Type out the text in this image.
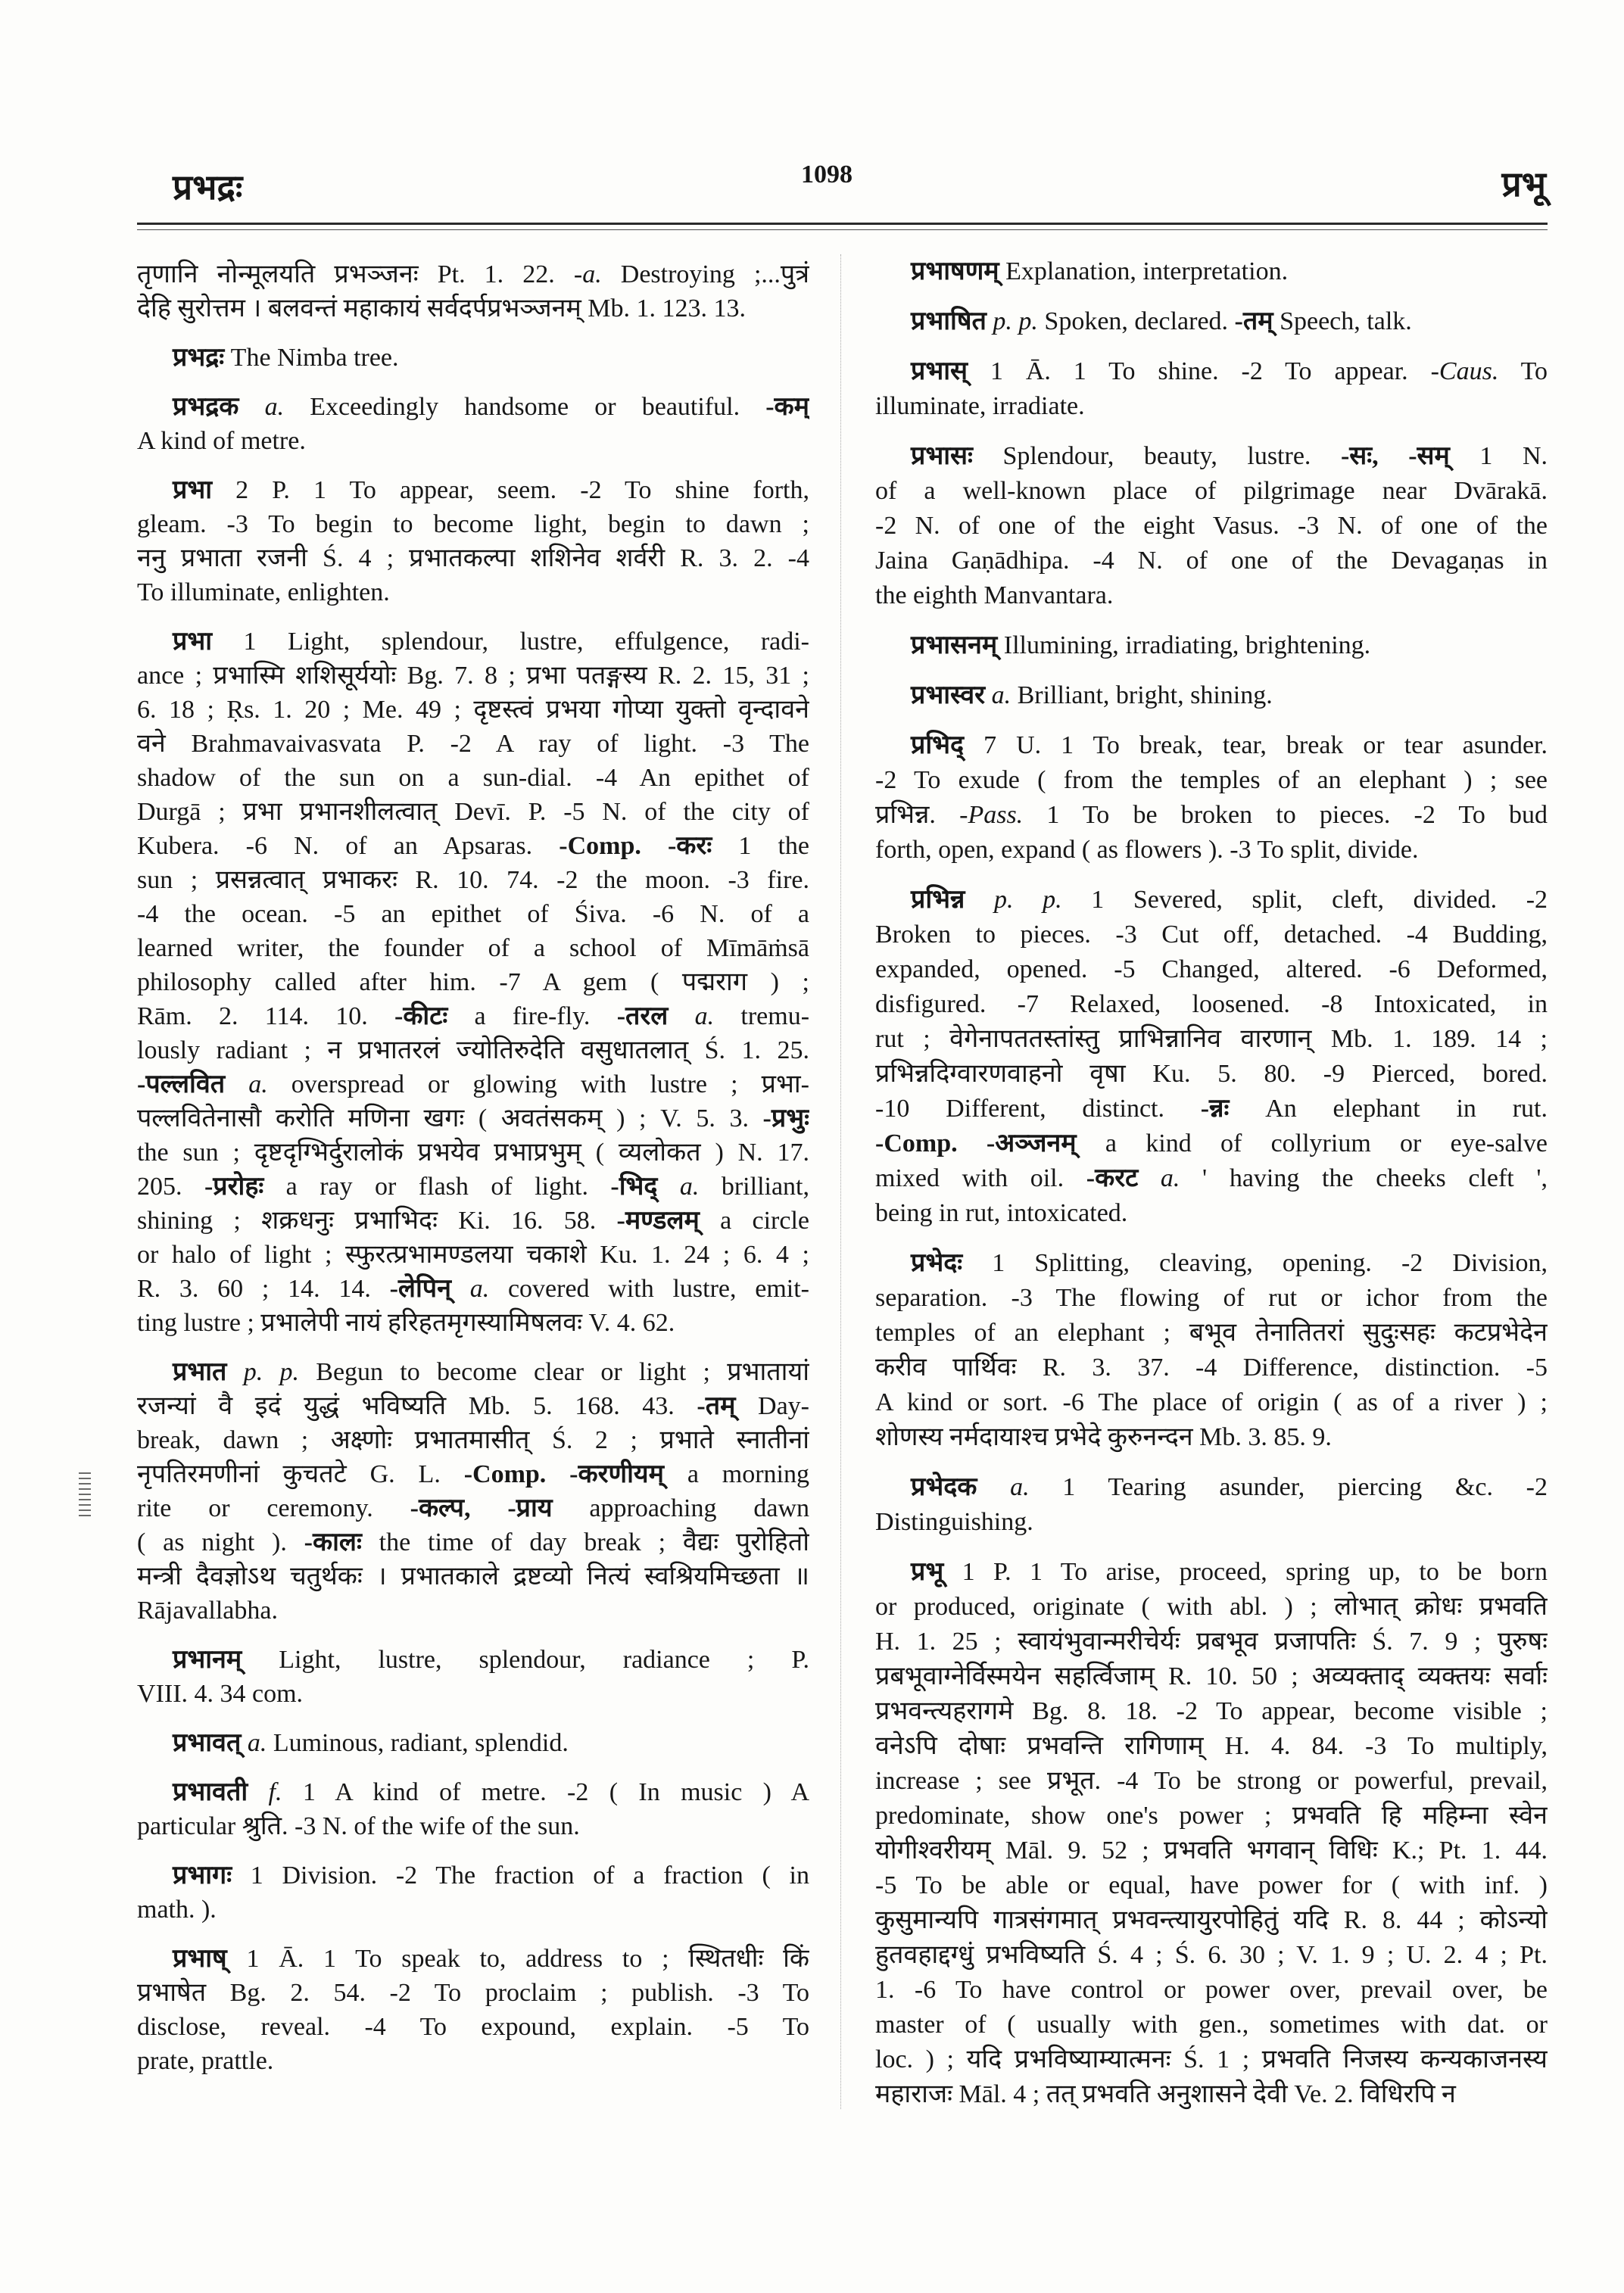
प्रभद्रः	1098	प्रभू
तृणानि नोन्मूलयति प्रभञ्जनः Pt. 1. 22. -a. Destroying ;...पुत्रं
देहि सुरोत्तम । बलवन्तं महाकायं सर्वदर्पप्रभञ्जनम् Mb. 1. 123. 13.
प्रभद्रः The Nimba tree.
प्रभद्रक a. Exceedingly handsome or beautiful. -कम्
A kind of metre.
प्रभा 2 P. 1 To appear, seem. -2 To shine forth,
gleam. -3 To begin to become light, begin to dawn ;
ननु प्रभाता रजनी Ś. 4 ; प्रभातकल्पा शशिनेव शर्वरी R. 3. 2. -4
To illuminate, enlighten.
प्रभा 1 Light, splendour, lustre, effulgence, radi-
ance ; प्रभास्मि शशिसूर्ययोः Bg. 7. 8 ; प्रभा पतङ्गस्य R. 2. 15, 31 ;
6. 18 ; Ṛs. 1. 20 ; Me. 49 ; दृष्टस्त्वं प्रभया गोप्या युक्तो वृन्दावने
वने Brahmavaivasvata P. -2 A ray of light. -3 The
shadow of the sun on a sun-dial. -4 An epithet of
Durgā ; प्रभा प्रभानशीलत्वात् Devī. P. -5 N. of the city of
Kubera. -6 N. of an Apsaras. -Comp. -करः 1 the
sun ; प्रसन्नत्वात् प्रभाकरः R. 10. 74. -2 the moon. -3 fire.
-4 the ocean. -5 an epithet of Śiva. -6 N. of a
learned writer, the founder of a school of Mīmāṁsā
philosophy called after him. -7 A gem ( पद्मराग ) ;
Rām. 2. 114. 10. -कीटः a fire-fly. -तरल a. tremu-
lously radiant ; न प्रभातरलं ज्योतिरुदेति वसुधातलात् Ś. 1. 25.
-पल्लवित a. overspread or glowing with lustre ; प्रभा-
पल्लवितेनासौ करोति मणिना खगः ( अवतंसकम् ) ; V. 5. 3. -प्रभुः
the sun ; दृष्टदृग्भिर्दुरालोकं प्रभयेव प्रभाप्रभुम् ( व्यलोकत ) N. 17.
205. -प्ररोहः a ray or flash of light. -भिद् a. brilliant,
shining ; शक्रधनुः प्रभाभिदः Ki. 16. 58. -मण्डलम् a circle
or halo of light ; स्फुरत्प्रभामण्डलया चकाशे Ku. 1. 24 ; 6. 4 ;
R. 3. 60 ; 14. 14. -लेपिन् a. covered with lustre, emit-
ting lustre ; प्रभालेपी नायं हरिहतमृगस्यामिषलवः V. 4. 62.
प्रभात p. p. Begun to become clear or light ; प्रभातायां
रजन्यां वै इदं युद्धं भविष्यति Mb. 5. 168. 43. -तम् Day-
break, dawn ; अक्ष्णोः प्रभातमासीत् Ś. 2 ; प्रभाते स्नातीनां
नृपतिरमणीनां कुचतटे G. L. -Comp. -करणीयम् a morning
rite or ceremony. -कल्प, -प्राय approaching dawn
( as night ). -कालः the time of day break ; वैद्यः पुरोहितो
मन्त्री दैवज्ञोऽथ चतुर्थकः । प्रभातकाले द्रष्टव्यो नित्यं स्वश्रियमिच्छता ॥
Rājavallabha.
प्रभानम् Light, lustre, splendour, radiance ; P.
VIII. 4. 34 com.
प्रभावत् a. Luminous, radiant, splendid.
प्रभावती f. 1 A kind of metre. -2 ( In music ) A
particular श्रुति. -3 N. of the wife of the sun.
प्रभागः 1 Division. -2 The fraction of a fraction ( in
math. ).
प्रभाष् 1 Ā. 1 To speak to, address to ; स्थितधीः किं
प्रभाषेत Bg. 2. 54. -2 To proclaim ; publish. -3 To
disclose, reveal. -4 To expound, explain. -5 To
prate, prattle.
प्रभाषणम् Explanation, interpretation.
प्रभाषित p. p. Spoken, declared. -तम् Speech, talk.
प्रभास् 1 Ā. 1 To shine. -2 To appear. -Caus. To
illuminate, irradiate.
प्रभासः Splendour, beauty, lustre. -सः, -सम् 1 N.
of a well-known place of pilgrimage near Dvārakā.
-2 N. of one of the eight Vasus. -3 N. of one of the
Jaina Gaṇādhipa. -4 N. of one of the Devagaṇas in
the eighth Manvantara.
प्रभासनम् Illumining, irradiating, brightening.
प्रभास्वर a. Brilliant, bright, shining.
प्रभिद् 7 U. 1 To break, tear, break or tear asunder.
-2 To exude ( from the temples of an elephant ) ; see
प्रभिन्न. -Pass. 1 To be broken to pieces. -2 To bud
forth, open, expand ( as flowers ). -3 To split, divide.
प्रभिन्न p. p. 1 Severed, split, cleft, divided. -2
Broken to pieces. -3 Cut off, detached. -4 Budding,
expanded, opened. -5 Changed, altered. -6 Deformed,
disfigured. -7 Relaxed, loosened. -8 Intoxicated, in
rut ; वेगेनापततस्तांस्तु प्राभिन्नानिव वारणान् Mb. 1. 189. 14 ;
प्रभिन्नदिग्वारणवाहनो वृषा Ku. 5. 80. -9 Pierced, bored.
-10 Different, distinct. -न्नः An elephant in rut.
-Comp. -अञ्जनम् a kind of collyrium or eye-salve
mixed with oil. -करट a. ' having the cheeks cleft ',
being in rut, intoxicated.
प्रभेदः 1 Splitting, cleaving, opening. -2 Division,
separation. -3 The flowing of rut or ichor from the
temples of an elephant ; बभूव तेनातितरां सुदुःसहः कटप्रभेदेन
करीव पार्थिवः R. 3. 37. -4 Difference, distinction. -5
A kind or sort. -6 The place of origin ( as of a river ) ;
शोणस्य नर्मदायाश्च प्रभेदे कुरुनन्दन Mb. 3. 85. 9.
प्रभेदक a. 1 Tearing asunder, piercing &c. -2
Distinguishing.
प्रभू 1 P. 1 To arise, proceed, spring up, to be born
or produced, originate ( with abl. ) ; लोभात् क्रोधः प्रभवति
H. 1. 25 ; स्वायंभुवान्मरीचेर्यः प्रबभूव प्रजापतिः Ś. 7. 9 ; पुरुषः
प्रबभूवाग्नेर्विस्मयेन सहर्त्विजाम् R. 10. 50 ; अव्यक्ताद् व्यक्तयः सर्वाः
प्रभवन्त्यहरागमे Bg. 8. 18. -2 To appear, become visible ;
वनेऽपि दोषाः प्रभवन्ति रागिणाम् H. 4. 84. -3 To multiply,
increase ; see प्रभूत. -4 To be strong or powerful, prevail,
predominate, show one's power ; प्रभवति हि महिम्ना स्वेन
योगीश्वरीयम् Māl. 9. 52 ; प्रभवति भगवान् विधिः K.; Pt. 1. 44.
-5 To be able or equal, have power for ( with inf. )
कुसुमान्यपि गात्रसंगमात् प्रभवन्त्यायुरपोहितुं यदि R. 8. 44 ; कोऽन्यो
हुतवहाद्दग्धुं प्रभविष्यति Ś. 4 ; Ś. 6. 30 ; V. 1. 9 ; U. 2. 4 ; Pt.
1. -6 To have control or power over, prevail over, be
master of ( usually with gen., sometimes with dat. or
loc. ) ; यदि प्रभविष्याम्यात्मनः Ś. 1 ; प्रभवति निजस्य कन्यकाजनस्य
महाराजः Māl. 4 ; तत् प्रभवति अनुशासने देवी Ve. 2. विधिरपि न
